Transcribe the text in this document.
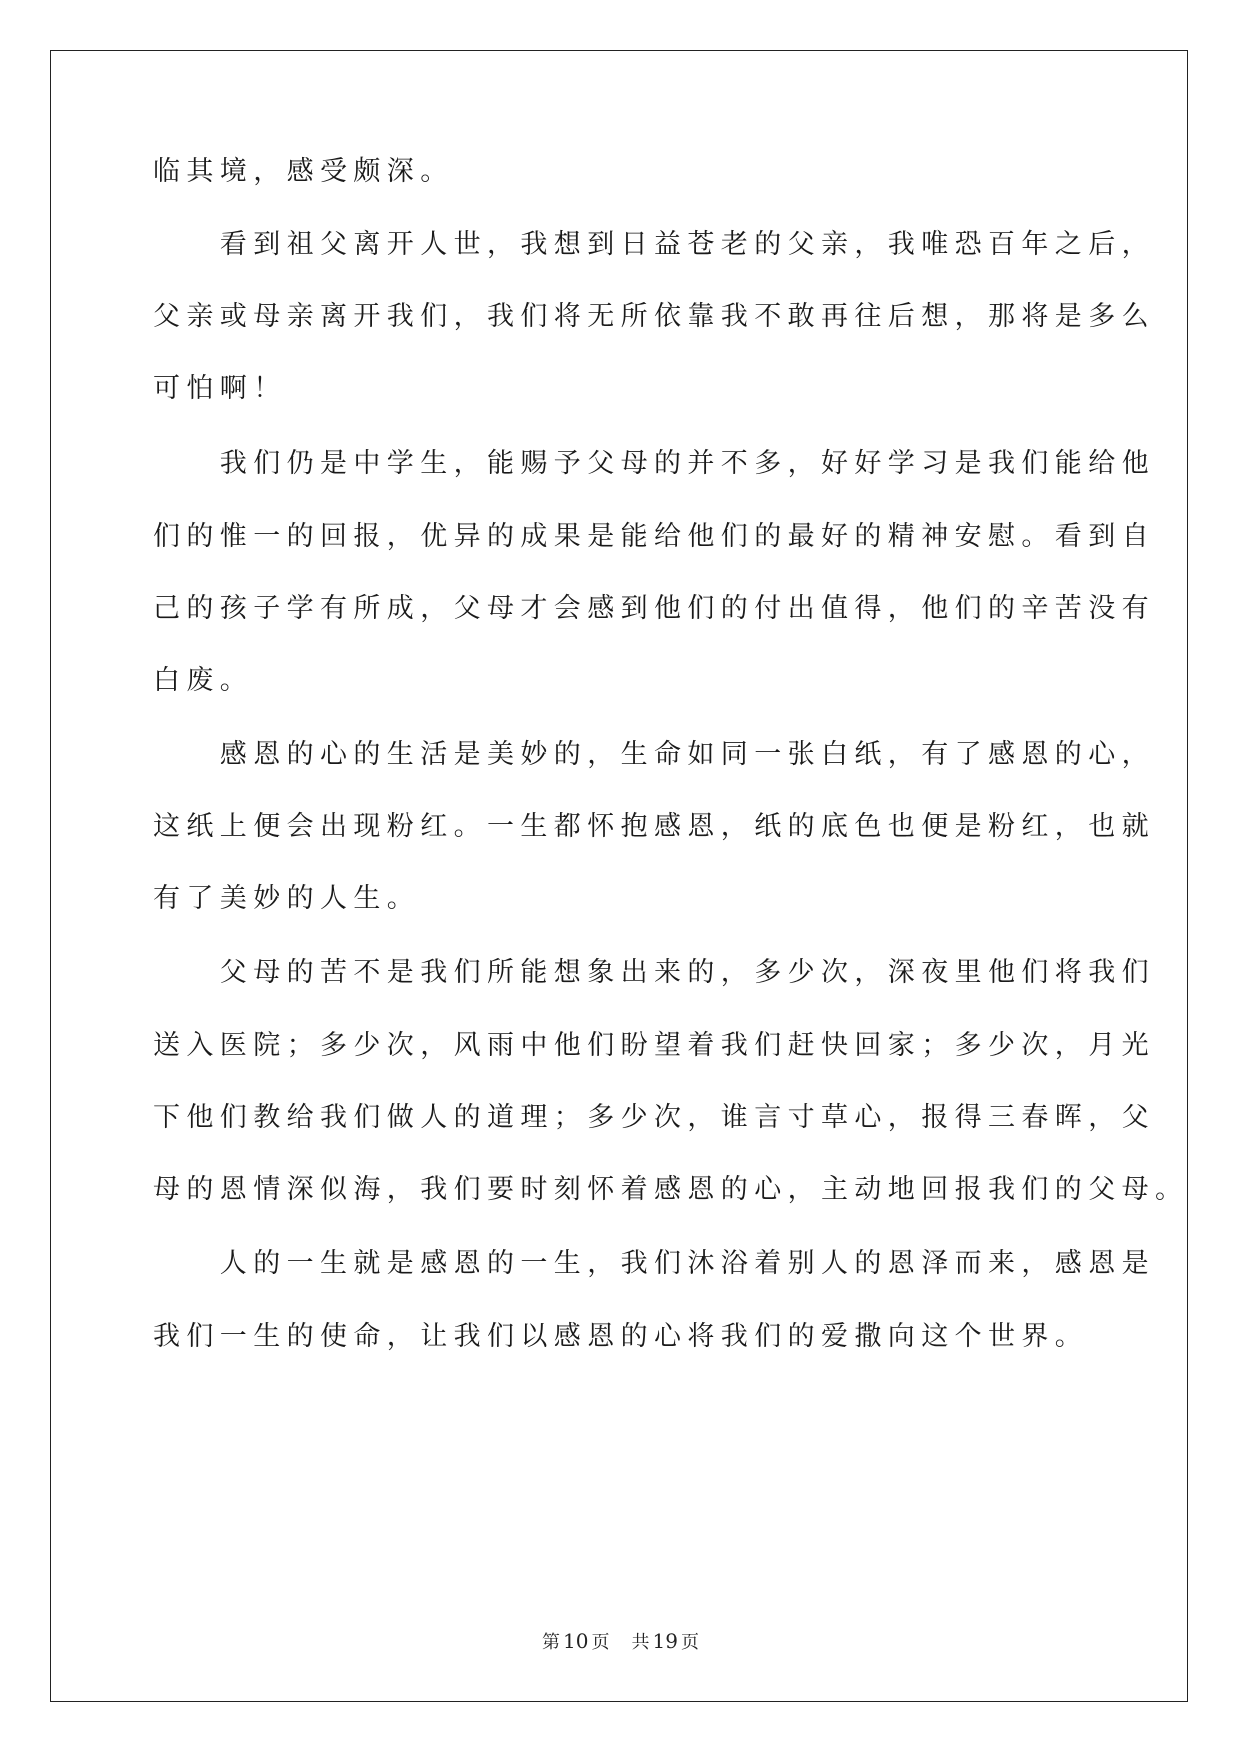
临其境，感受颇深。
　　看到祖父离开人世，我想到日益苍老的父亲，我唯恐百年之后，
父亲或母亲离开我们，我们将无所依靠我不敢再往后想，那将是多么
可怕啊！
　　我们仍是中学生，能赐予父母的并不多，好好学习是我们能给他
们的惟一的回报，优异的成果是能给他们的最好的精神安慰。看到自
己的孩子学有所成，父母才会感到他们的付出值得，他们的辛苦没有
白废。
　　感恩的心的生活是美妙的，生命如同一张白纸，有了感恩的心，
这纸上便会出现粉红。一生都怀抱感恩，纸的底色也便是粉红，也就
有了美妙的人生。
　　父母的苦不是我们所能想象出来的，多少次，深夜里他们将我们
送入医院；多少次，风雨中他们盼望着我们赶快回家；多少次，月光
下他们教给我们做人的道理；多少次，谁言寸草心，报得三春晖，父
母的恩情深似海，我们要时刻怀着感恩的心，主动地回报我们的父母。
　　人的一生就是感恩的一生，我们沐浴着别人的恩泽而来，感恩是
我们一生的使命，让我们以感恩的心将我们的爱撒向这个世界。
第 10 页 共 19 页
